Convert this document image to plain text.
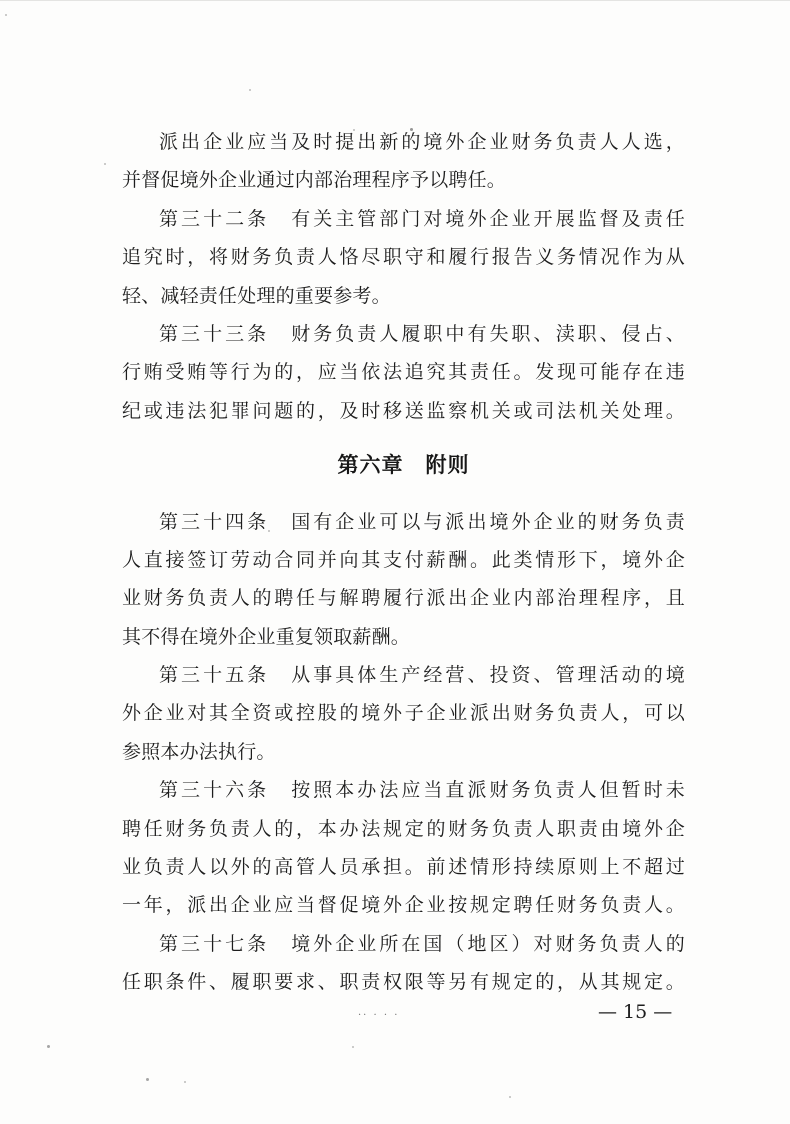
派 出 企 业 应 当 及 时 提 出 新 的 境 外 企 业 财 务 负 责 人 人 选 ，
并督促境外企业通过内部治理程序予以聘任。
第 三 十 二 条
　 有 关 主 管 部 门 对 境 外 企 业 开 展 监 督 及 责 任
追 究 时 ， 将 财 务 负 责 人 恪 尽 职 守 和 履 行 报 告 义 务 情 况 作 为 从
轻、减轻责任处理的重要参考。
第 三 十 三 条
　 财 务 负 责 人 履 职 中 有 失 职 、 渎 职 、 侵 占 、
行 贿 受 贿 等 行 为 的 ， 应 当 依 法 追 究 其 责 任 。 发 现 可 能 存 在 违
纪 或 违 法 犯 罪 问 题 的 ， 及 时 移 送 监 察 机 关 或 司 法 机 关 处 理 。
第六章　附则
第 三 十 四 条
　 国 有 企 业 可 以 与 派 出 境 外 企 业 的 财 务 负 责
人 直 接 签 订 劳 动 合 同 并 向 其 支 付 薪 酬 。 此 类 情 形 下 ， 境 外 企
业 财 务 负 责 人 的 聘 任 与 解 聘 履 行 派 出 企 业 内 部 治 理 程 序 ， 且
其不得在境外企业重复领取薪酬。
第 三 十 五 条
　 从 事 具 体 生 产 经 营 、 投 资 、 管 理 活 动 的 境
外 企 业 对 其 全 资 或 控 股 的 境 外 子 企 业 派 出 财 务 负 责 人 ， 可 以
参照本办法执行。
第 三 十 六 条
　 按 照 本 办 法 应 当 直 派 财 务 负 责 人 但 暂 时 未
聘 任 财 务 负 责 人 的 ， 本 办 法 规 定 的 财 务 负 责 人 职 责 由 境 外 企
业 负 责 人 以 外 的 高 管 人 员 承 担 。 前 述 情 形 持 续 原 则 上 不 超 过
一 年 ， 派 出 企 业 应 当 督 促 境 外 企 业 按 规 定 聘 任 财 务 负 责 人 。
第 三 十 七 条
　 境 外 企 业 所 在 国 （ 地 区 ） 对 财 务 负 责 人 的
任 职 条 件 、 履 职 要 求 、 职 责 权 限 等 另 有 规 定 的 ， 从 其 规 定 。
·· · · ·	— 15 —
